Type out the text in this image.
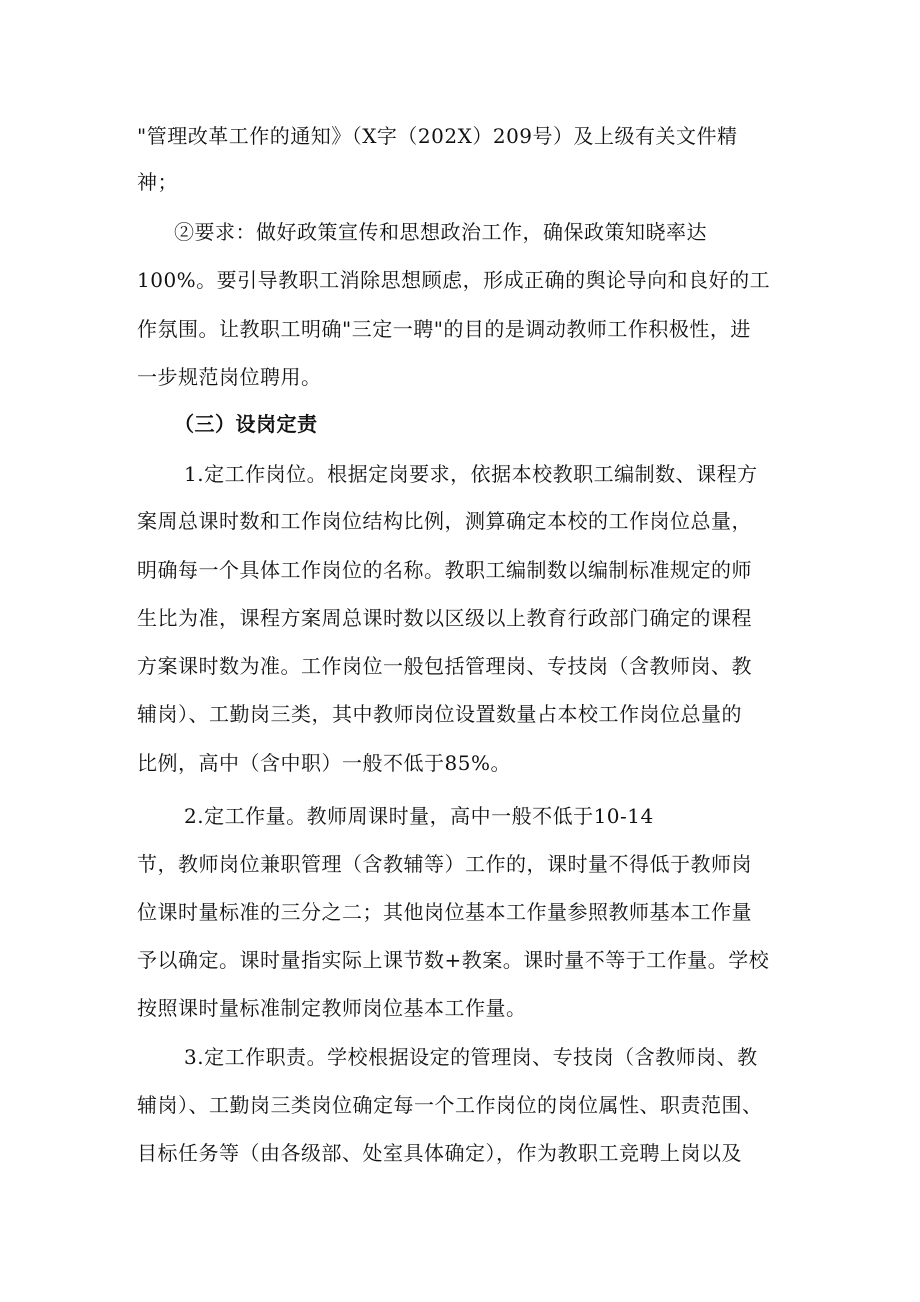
"管理改革工作的通知》（X字（202X）209号）及上级有关文件精
神；
②要求：做好政策宣传和思想政治工作，确保政策知晓率达
100%。要引导教职工消除思想顾虑，形成正确的舆论导向和良好的工
作氛围。让教职工明确"三定一聘"的目的是调动教师工作积极性，进
一步规范岗位聘用。
（三）设岗定责
1.定工作岗位。根据定岗要求，依据本校教职工编制数、课程方
案周总课时数和工作岗位结构比例，测算确定本校的工作岗位总量，
明确每一个具体工作岗位的名称。教职工编制数以编制标准规定的师
生比为准，课程方案周总课时数以区级以上教育行政部门确定的课程
方案课时数为准。工作岗位一般包括管理岗、专技岗（含教师岗、教
辅岗）、工勤岗三类，其中教师岗位设置数量占本校工作岗位总量的
比例，高中（含中职）一般不低于85%。
2.定工作量。教师周课时量，高中一般不低于10-14
节，教师岗位兼职管理（含教辅等）工作的，课时量不得低于教师岗
位课时量标准的三分之二；其他岗位基本工作量参照教师基本工作量
予以确定。课时量指实际上课节数+教案。课时量不等于工作量。学校
按照课时量标准制定教师岗位基本工作量。
3.定工作职责。学校根据设定的管理岗、专技岗（含教师岗、教
辅岗）、工勤岗三类岗位确定每一个工作岗位的岗位属性、职责范围、
目标任务等（由各级部、处室具体确定），作为教职工竞聘上岗以及
